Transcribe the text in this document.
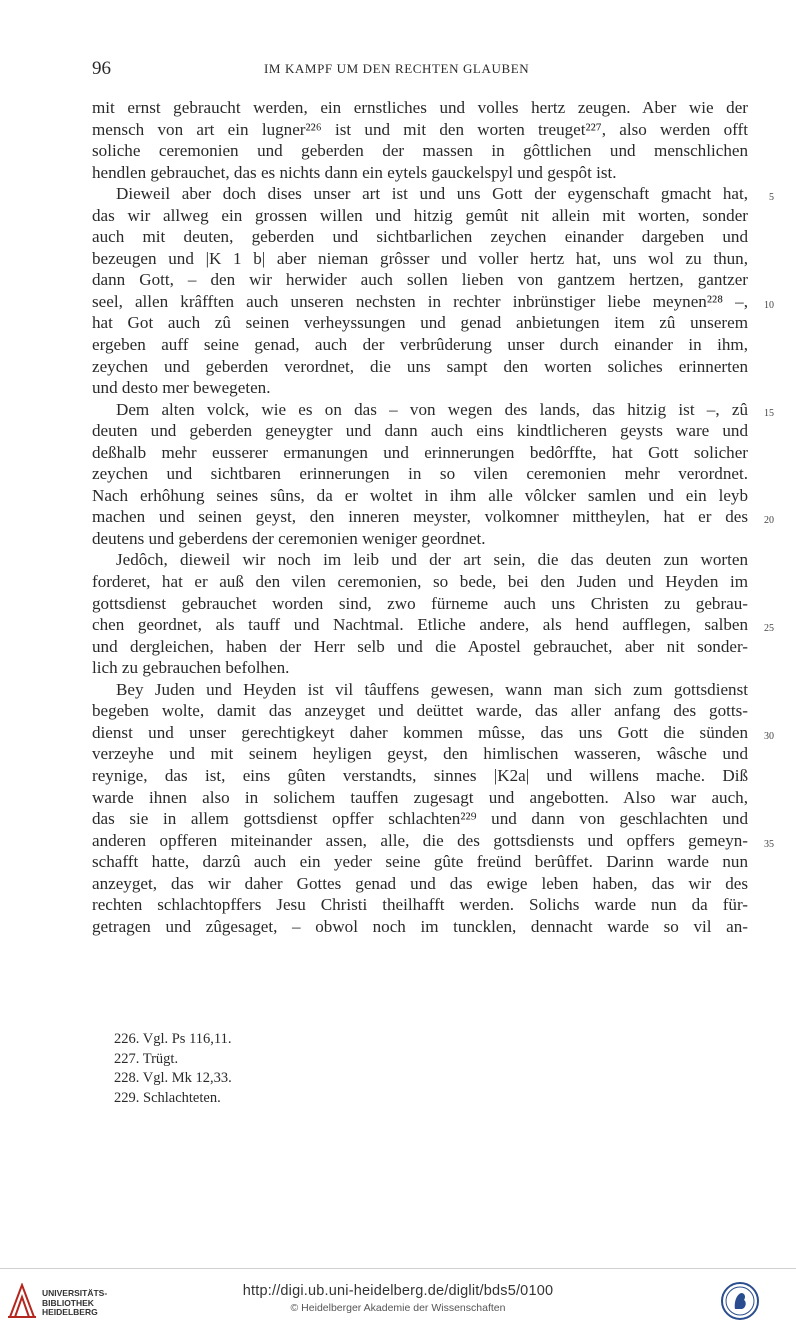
96	IM KAMPF UM DEN RECHTEN GLAUBEN
mit ernst gebraucht werden, ein ernstliches und volles hertz zeugen. Aber wie der
mensch von art ein lugner²²⁶ ist und mit den worten treuget²²⁷, also werden offt
soliche ceremonien und geberden der massen in gôttlichen und menschlichen
hendlen gebrauchet, das es nichts dann ein eytels gauckelspyl und gespôt ist.
Dieweil aber doch dises unser art ist und uns Gott der eygenschaft gmacht hat, 5
das wir allweg ein grossen willen und hitzig gemût nit allein mit worten, sonder
auch mit deuten, geberden und sichtbarlichen zeychen einander dargeben und
bezeugen und |K 1 b| aber nieman grôsser und voller hertz hat, uns wol zu thun,
dann Gott, – den wir herwider auch sollen lieben von gantzem hertzen, gantzer
seel, allen krâfften auch unseren nechsten in rechter inbrünstiger liebe meynen²²⁸ –, 10
hat Got auch zû seinen verheyssungen und genad anbietungen item zû unserem
ergeben auff seine genad, auch der verbrûderung unser durch einander in ihm,
zeychen und geberden verordnet, die uns sampt den worten soliches erinnerten
und desto mer bewegeten.
Dem alten volck, wie es on das – von wegen des lands, das hitzig ist –, zû 15
deuten und geberden geneygter und dann auch eins kindtlicheren geysts ware und
deßhalb mehr eusserer ermanungen und erinnerungen bedôrffte, hat Gott solicher
zeychen und sichtbaren erinnerungen in so vilen ceremonien mehr verordnet.
Nach erhôhung seines sûns, da er woltet in ihm alle vôlcker samlen und ein leyb
machen und seinen geyst, den inneren meyster, volkomner mittheylen, hat er des 20
deutens und geberdens der ceremonien weniger geordnet.
Jedôch, dieweil wir noch im leib und der art sein, die das deuten zun worten
forderet, hat er auß den vilen ceremonien, so bede, bei den Juden und Heyden im
gottsdienst gebrauchet worden sind, zwo fürneme auch uns Christen zu gebrau-
chen geordnet, als tauff und Nachtmal. Etliche andere, als hend aufflegen, salben 25
und dergleichen, haben der Herr selb und die Apostel gebrauchet, aber nit sonder-
lich zu gebrauchen befolhen.
Bey Juden und Heyden ist vil tâuffens gewesen, wann man sich zum gottsdienst
begeben wolte, damit das anzeyget und deüttet warde, das aller anfang des gotts-
dienst und unser gerechtigkeyt daher kommen mûsse, das uns Gott die sünden 30
verzeyhe und mit seinem heyligen geyst, den himlischen wasseren, wâsche und
reynige, das ist, eins gûten verstandts, sinnes |K2a| und willens mache. Diß
warde ihnen also in solichem tauffen zugesagt und angebotten. Also war auch,
das sie in allem gottsdienst opffer schlachten²²⁹ und dann von geschlachten und
anderen opfferen miteinander assen, alle, die des gottsdiensts und opffers gemeyn- 35
schafft hatte, darzû auch ein yeder seine gûte freünd berûffet. Darinn warde nun
anzeyget, das wir daher Gottes genad und das ewige leben haben, das wir des
rechten schlachtopffers Jesu Christi theilhafft werden. Solichs warde nun da für-
getragen und zûgesaget, – obwol noch im tuncklen, dennacht warde so vil an-
226. Vgl. Ps 116,11.
227. Trügt.
228. Vgl. Mk 12,33.
229. Schlachteten.
UNIVERSITÄTS-
BIBLIOTHEK
HEIDELBERG
http://digi.ub.uni-heidelberg.de/diglit/bds5/0100
© Heidelberger Akademie der Wissenschaften
